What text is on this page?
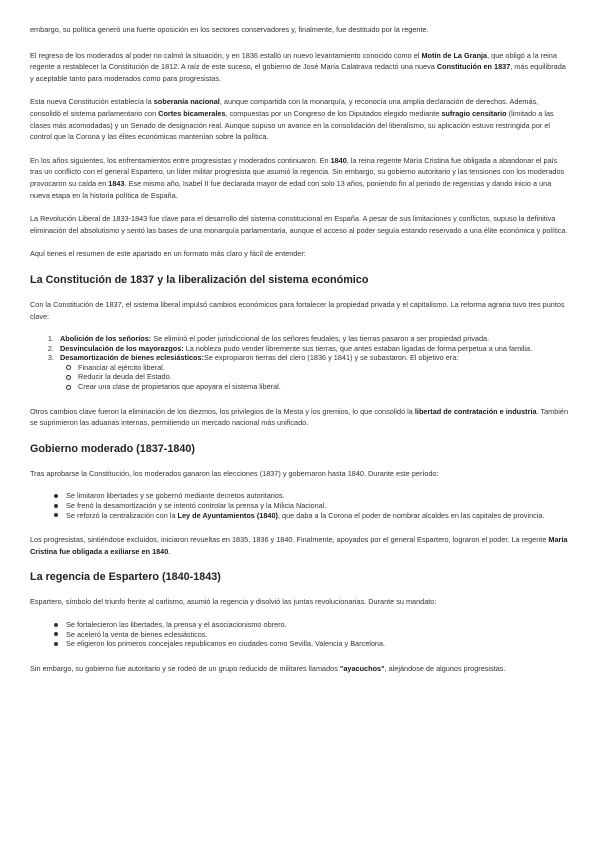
embargo, su política generó una fuerte oposición en los sectores conservadores y, finalmente, fue destituido por la regente.

El regreso de los moderados al poder no calmó la situación, y en 1836 estalló un nuevo levantamiento conocido como el Motín de La Granja, que obligó a la reina regente a restablecer la Constitución de 1812. A raíz de este suceso, el gobierno de José María Calatrava redactó una nueva Constitución en 1837, más equilibrada y aceptable tanto para moderados como para progresistas.

Esta nueva Constitución establecía la soberanía nacional, aunque compartida con la monarquía, y reconocía una amplia declaración de derechos. Además, consolidó el sistema parlamentario con Cortes bicamerales, compuestas por un Congreso de los Diputados elegido mediante sufragio censitario (limitado a las clases más acomodadas) y un Senado de designación real. Aunque supuso un avance en la consolidación del liberalismo, su aplicación estuvo restringida por el control que la Corona y las élites económicas mantenían sobre la política.

En los años siguientes, los enfrentamientos entre progresistas y moderados continuaron. En 1840, la reina regente María Cristina fue obligada a abandonar el país tras un conflicto con el general Espartero, un líder militar progresista que asumió la regencia. Sin embargo, su gobierno autoritario y las tensiones con los moderados provocaron su caída en 1843. Ese mismo año, Isabel II fue declarada mayor de edad con solo 13 años, poniendo fin al periodo de regencias y dando inicio a una nueva etapa en la historia política de España.

La Revolución Liberal de 1833-1843 fue clave para el desarrollo del sistema constitucional en España. A pesar de sus limitaciones y conflictos, supuso la definitiva eliminación del absolutismo y sentó las bases de una monarquía parlamentaria, aunque el acceso al poder seguía estando reservado a una élite económica y política.

Aquí tienes el resumen de este apartado en un formato más claro y fácil de entender:

La Constitución de 1837 y la liberalización del sistema económico

Con la Constitución de 1837, el sistema liberal impulsó cambios económicos para fortalecer la propiedad privada y el capitalismo. La reforma agraria tuvo tres puntos clave:

1. Abolición de los señoríos: Se eliminó el poder jurisdiccional de los señores feudales, y las tierras pasaron a ser propiedad privada.
2. Desvinculación de los mayorazgos: La nobleza pudo vender libremente sus tierras, que antes estaban ligadas de forma perpetua a una familia.
3. Desamortización de bienes eclesiásticos:Se expropiaron tierras del clero (1836 y 1841) y se subastaron. El objetivo era:
Financiar al ejército liberal.
Reducir la deuda del Estado.
Crear una clase de propietarios que apoyara el sistema liberal.

Otros cambios clave fueron la eliminación de los diezmos, los privilegios de la Mesta y los gremios, lo que consolidó la libertad de contratación e industria. También se suprimieron las aduanas internas, permitiendo un mercado nacional más unificado.

Gobierno moderado (1837-1840)

Tras aprobarse la Constitución, los moderados ganaron las elecciones (1837) y gobernaron hasta 1840. Durante este período:

Se limitaron libertades y se gobernó mediante decretos autoritarios.
Se frenó la desamortización y se intentó controlar la prensa y la Milicia Nacional.
Se reforzó la centralización con la Ley de Ayuntamientos (1840), que daba a la Corona el poder de nombrar alcaldes en las capitales de provincia.

Los progresistas, sintiéndose excluidos, iniciaron revueltas en 1835, 1836 y 1840. Finalmente, apoyados por el general Espartero, lograron el poder. La regente María Cristina fue obligada a exiliarse en 1840.

La regencia de Espartero (1840-1843)

Espartero, símbolo del triunfo frente al carlismo, asumió la regencia y disolvió las juntas revolucionarias. Durante su mandato:

Se fortalecieron las libertades, la prensa y el asociacionismo obrero.
Se aceleró la venta de bienes eclesiásticos.
Se eligieron los primeros concejales republicanos en ciudades como Sevilla, Valencia y Barcelona.

Sin embargo, su gobierno fue autoritario y se rodeó de un grupo reducido de militares llamados "ayacuchos", alejándose de algunos progresistas.
